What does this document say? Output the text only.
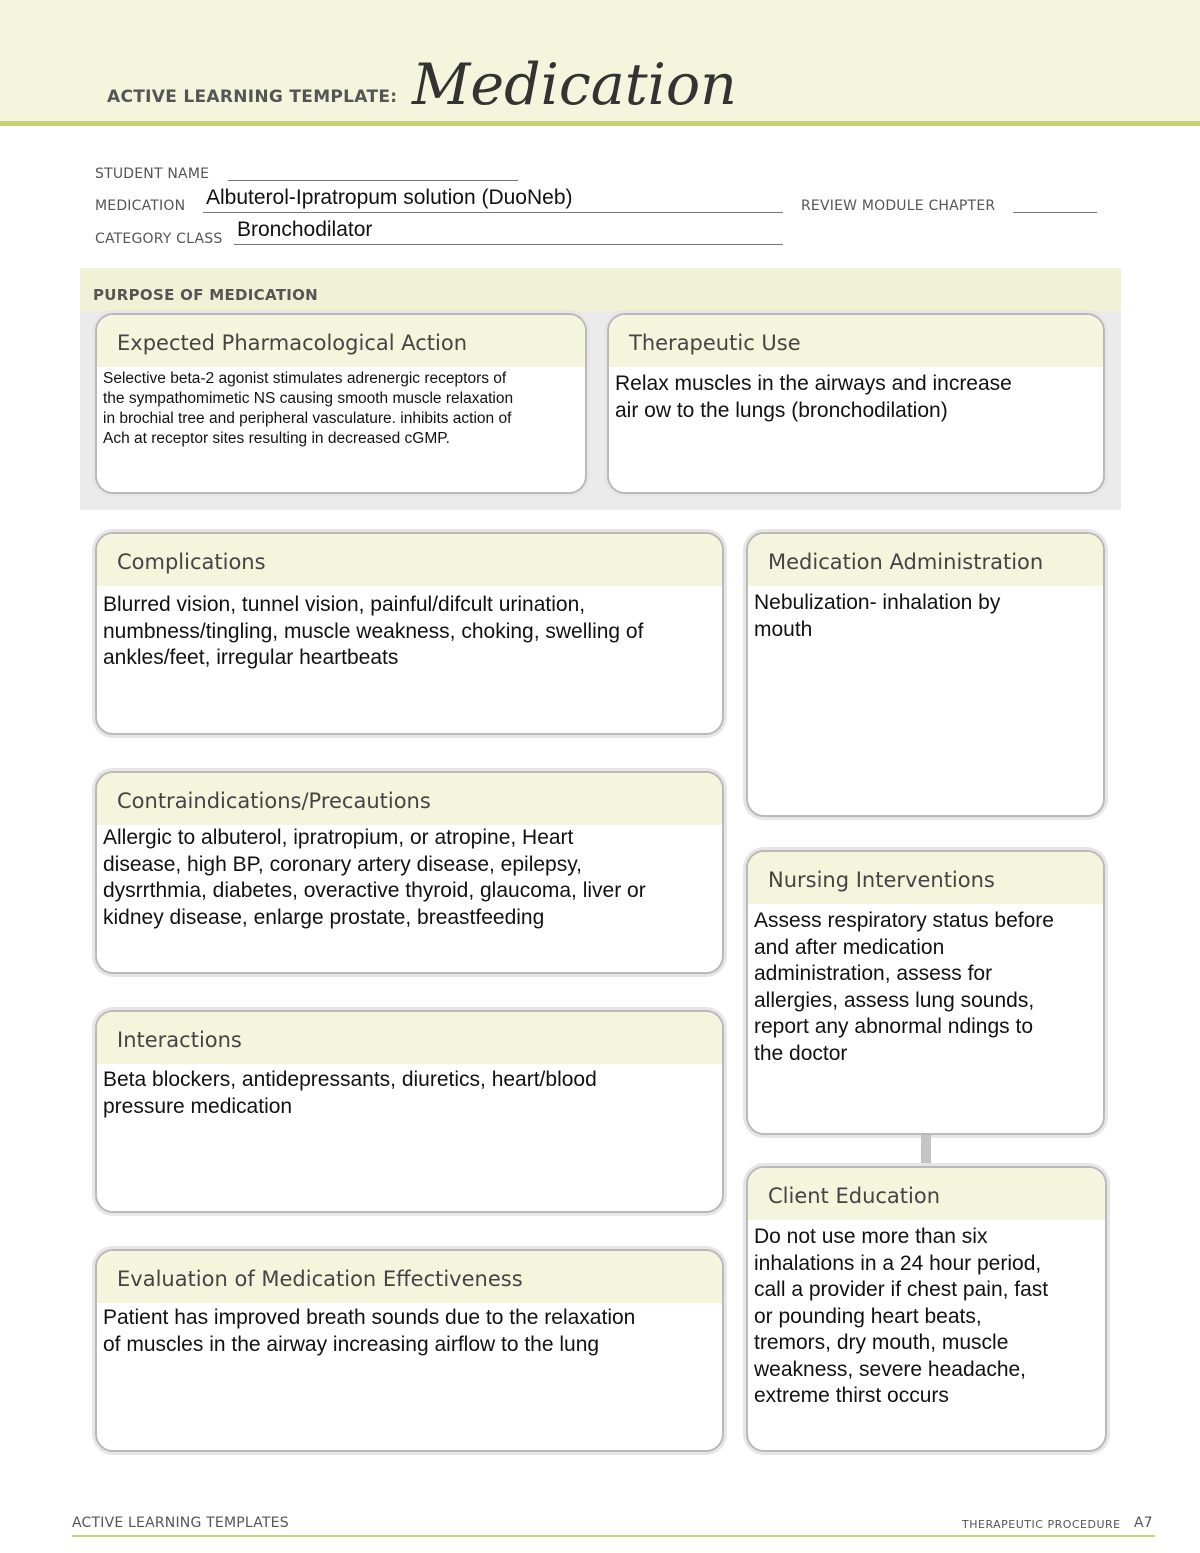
ACTIVE LEARNING TEMPLATE: Medication
STUDENT NAME
MEDICATION Albuterol-Ipratropum solution (DuoNeb)	REVIEW MODULE CHAPTER
CATEGORY CLASS Bronchodilator
PURPOSE OF MEDICATION
Expected Pharmacological Action
Selective beta-2 agonist stimulates adrenergic receptors of
the sympathomimetic NS causing smooth muscle relaxation
in brochial tree and peripheral vasculature. inhibits action of
Ach at receptor sites resulting in decreased cGMP.
Therapeutic Use
Relax muscles in the airways and increase
air ow to the lungs (bronchodilation)
Complications
Blurred vision, tunnel vision, painful/difcult urination,
numbness/tingling, muscle weakness, choking, swelling of
ankles/feet, irregular heartbeats
Contraindications/Precautions
Allergic to albuterol, ipratropium, or atropine, Heart
disease, high BP, coronary artery disease, epilepsy,
dysrrthmia, diabetes, overactive thyroid, glaucoma, liver or
kidney disease, enlarge prostate, breastfeeding
Interactions
Beta blockers, antidepressants, diuretics, heart/blood
pressure medication
Evaluation of Medication Effectiveness
Patient has improved breath sounds due to the relaxation
of muscles in the airway increasing airflow to the lung
Medication Administration
Nebulization- inhalation by
mouth
Nursing Interventions
Assess respiratory status before
and after medication
administration, assess for
allergies, assess lung sounds,
report any abnormal ndings to
the doctor
Client Education
Do not use more than six
inhalations in a 24 hour period,
call a provider if chest pain, fast
or pounding heart beats,
tremors, dry mouth, muscle
weakness, severe headache,
extreme thirst occurs
ACTIVE LEARNING TEMPLATES	THERAPEUTIC PROCEDURE A7
